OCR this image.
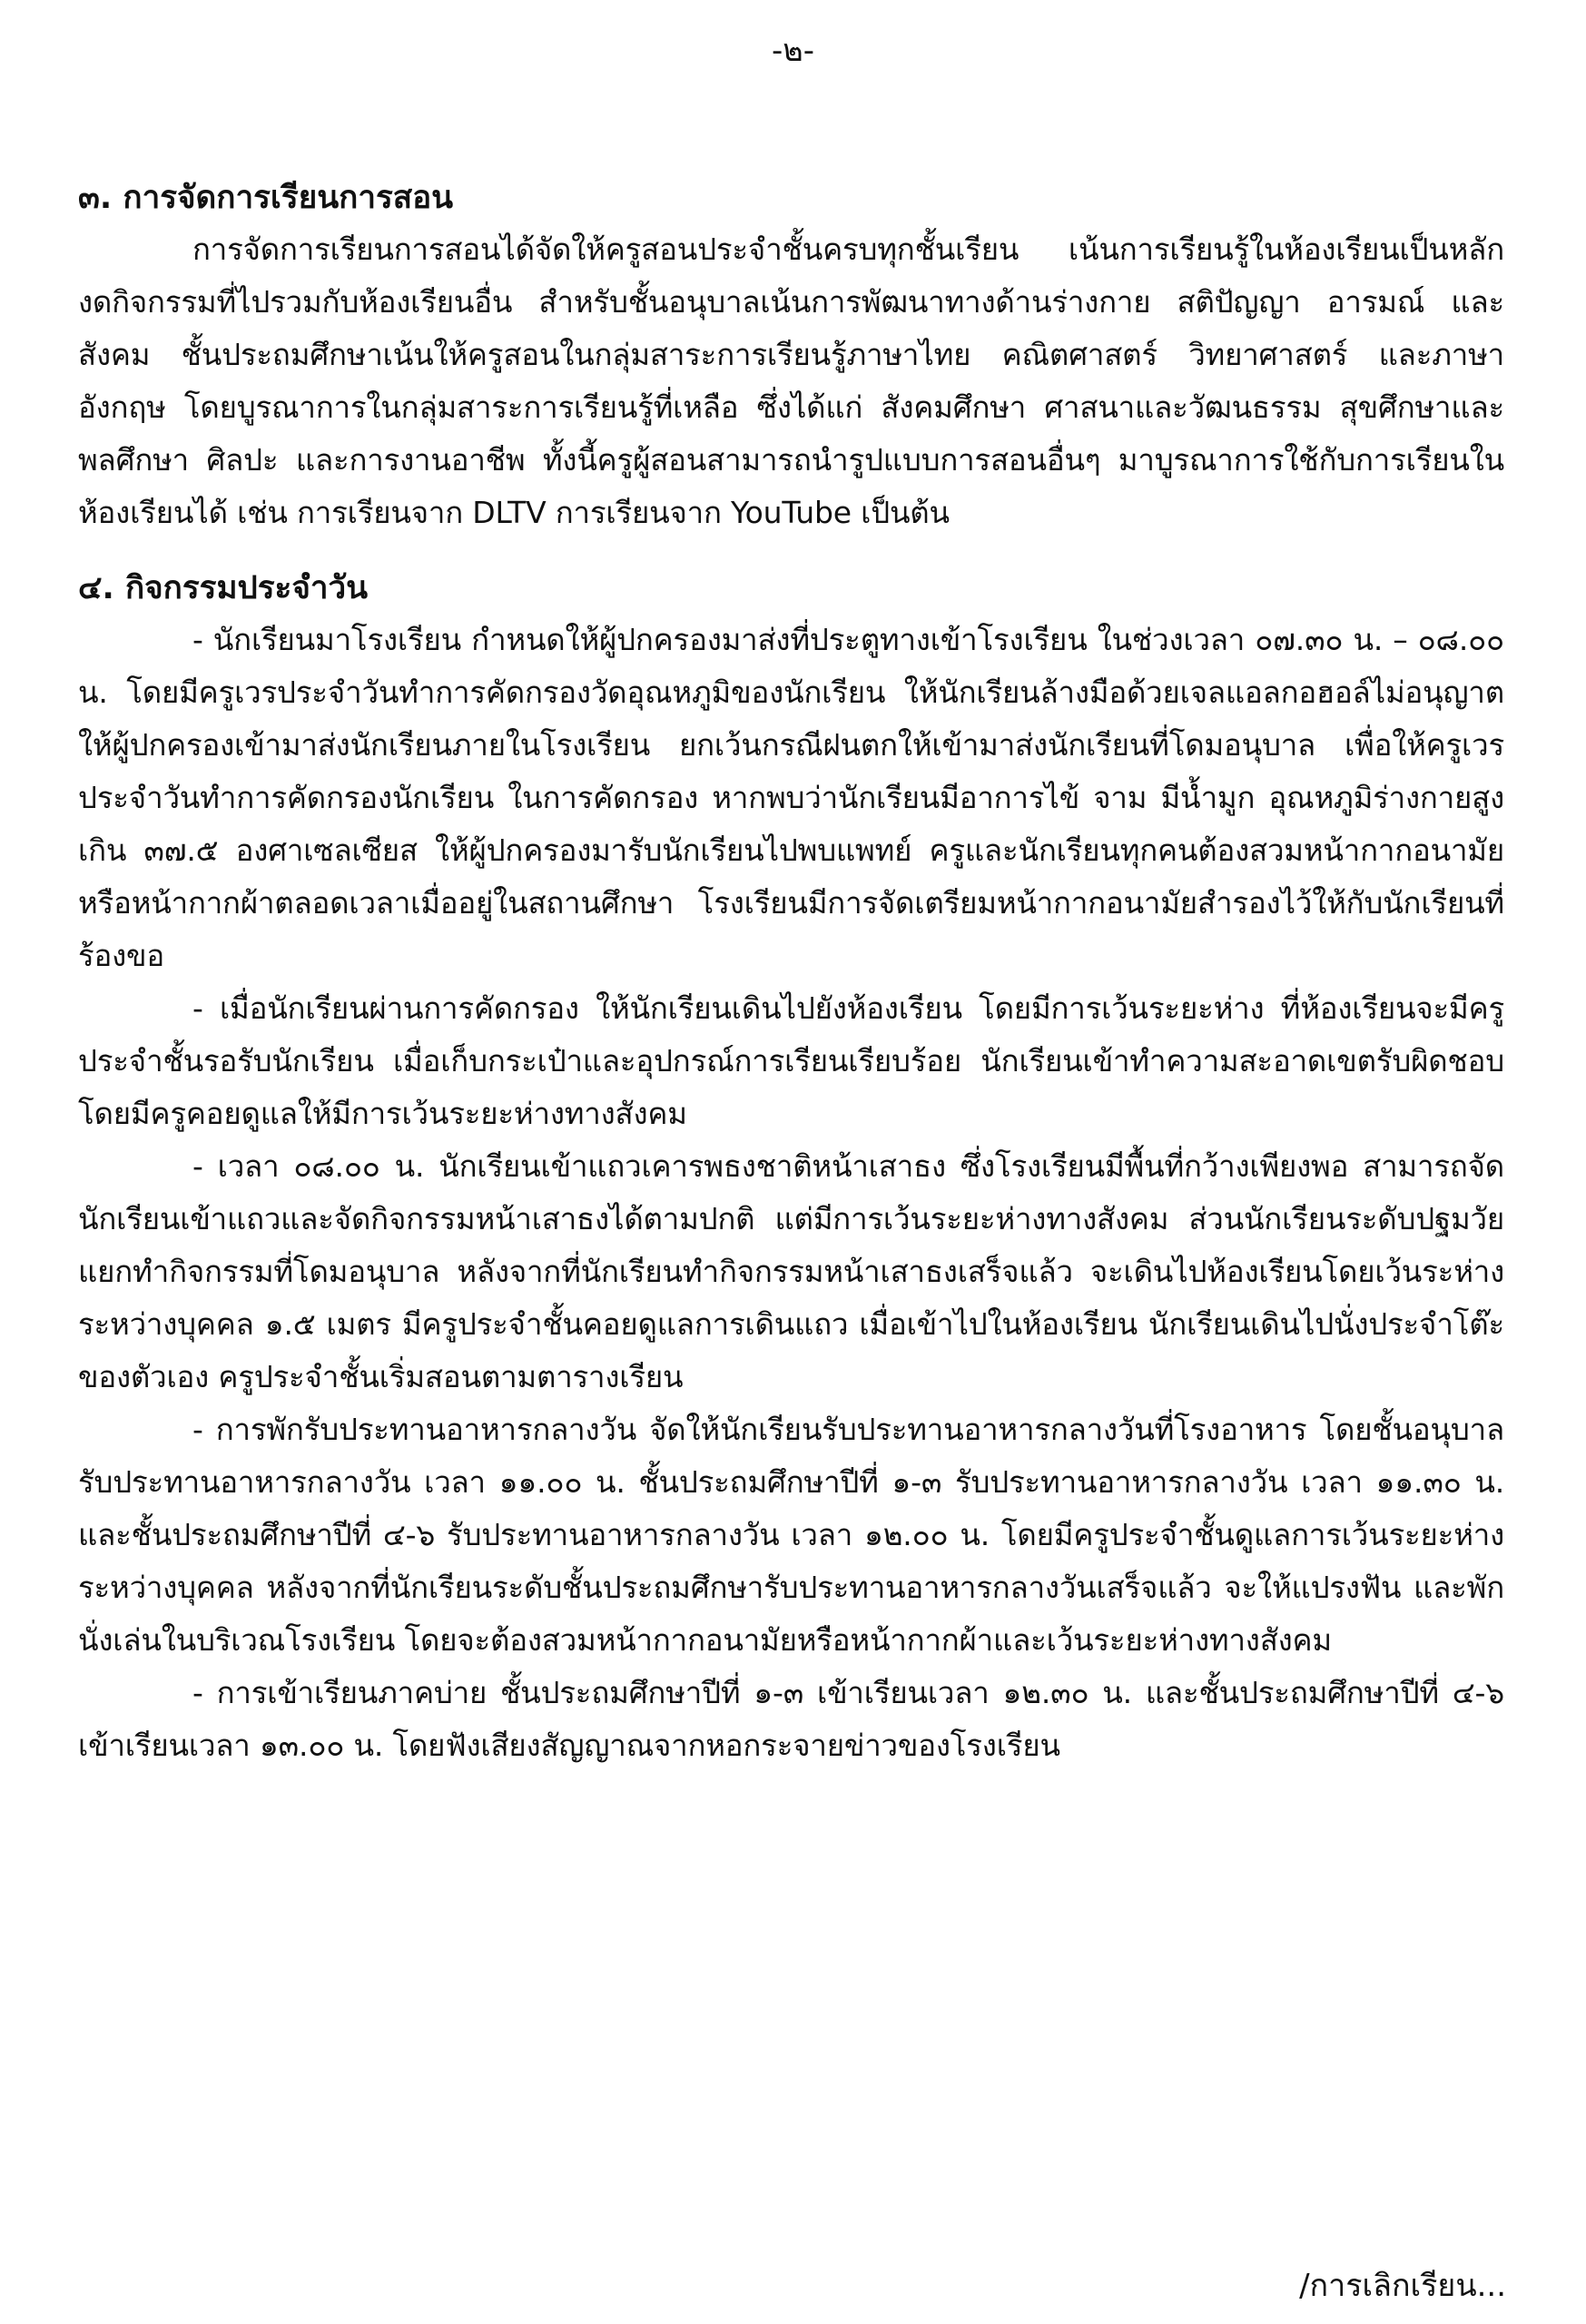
-๒-
๓. การจัดการเรียนการสอน

การจัดการเรียนการสอนได้จัดให้ครูสอนประจำชั้นครบทุกชั้นเรียน เน้นการเรียนรู้ในห้องเรียนเป็นหลัก งดกิจกรรมที่ไปรวมกับห้องเรียนอื่น สำหรับชั้นอนุบาลเน้นการพัฒนาทางด้านร่างกาย สติปัญญา อารมณ์ และสังคม ชั้นประถมศึกษาเน้นให้ครูสอนในกลุ่มสาระการเรียนรู้ภาษาไทย คณิตศาสตร์ วิทยาศาสตร์ และภาษาอังกฤษ โดยบูรณาการในกลุ่มสาระการเรียนรู้ที่เหลือ ซึ่งได้แก่ สังคมศึกษา ศาสนาและวัฒนธรรม สุขศึกษาและพลศึกษา ศิลปะ และการงานอาชีพ ทั้งนี้ครูผู้สอนสามารถนำรูปแบบการสอนอื่นๆ มาบูรณาการใช้กับการเรียนในห้องเรียนได้ เช่น การเรียนจาก DLTV การเรียนจาก YouTube เป็นต้น

๔. กิจกรรมประจำวัน

- นักเรียนมาโรงเรียน กำหนดให้ผู้ปกครองมาส่งที่ประตูทางเข้าโรงเรียน ในช่วงเวลา ๐๗.๓๐ น. – ๐๘.๐๐ น. โดยมีครูเวรประจำวันทำการคัดกรองวัดอุณหภูมิของนักเรียน ให้นักเรียนล้างมือด้วยเจลแอลกอฮอล์ไม่อนุญาตให้ผู้ปกครองเข้ามาส่งนักเรียนภายในโรงเรียน ยกเว้นกรณีฝนตกให้เข้ามาส่งนักเรียนที่โดมอนุบาล เพื่อให้ครูเวรประจำวันทำการคัดกรองนักเรียน ในการคัดกรอง หากพบว่านักเรียนมีอาการไข้ จาม มีน้ำมูก อุณหภูมิร่างกายสูงเกิน ๓๗.๕ องศาเซลเซียส ให้ผู้ปกครองมารับนักเรียนไปพบแพทย์ ครูและนักเรียนทุกคนต้องสวมหน้ากากอนามัยหรือหน้ากากผ้าตลอดเวลาเมื่ออยู่ในสถานศึกษา โรงเรียนมีการจัดเตรียมหน้ากากอนามัยสำรองไว้ให้กับนักเรียนที่ร้องขอ

- เมื่อนักเรียนผ่านการคัดกรอง ให้นักเรียนเดินไปยังห้องเรียน โดยมีการเว้นระยะห่าง ที่ห้องเรียนจะมีครูประจำชั้นรอรับนักเรียน เมื่อเก็บกระเป๋าและอุปกรณ์การเรียนเรียบร้อย นักเรียนเข้าทำความสะอาดเขตรับผิดชอบโดยมีครูคอยดูแลให้มีการเว้นระยะห่างทางสังคม

- เวลา ๐๘.๐๐ น. นักเรียนเข้าแถวเคารพธงชาติหน้าเสาธง ซึ่งโรงเรียนมีพื้นที่กว้างเพียงพอ สามารถจัดนักเรียนเข้าแถวและจัดกิจกรรมหน้าเสาธงได้ตามปกติ แต่มีการเว้นระยะห่างทางสังคม ส่วนนักเรียนระดับปฐมวัยแยกทำกิจกรรมที่โดมอนุบาล หลังจากที่นักเรียนทำกิจกรรมหน้าเสาธงเสร็จแล้ว จะเดินไปห้องเรียนโดยเว้นระห่างระหว่างบุคคล ๑.๕ เมตร มีครูประจำชั้นคอยดูแลการเดินแถว เมื่อเข้าไปในห้องเรียน นักเรียนเดินไปนั่งประจำโต๊ะของตัวเอง ครูประจำชั้นเริ่มสอนตามตารางเรียน

- การพักรับประทานอาหารกลางวัน จัดให้นักเรียนรับประทานอาหารกลางวันที่โรงอาหาร โดยชั้นอนุบาลรับประทานอาหารกลางวัน เวลา ๑๑.๐๐ น. ชั้นประถมศึกษาปีที่ ๑-๓ รับประทานอาหารกลางวัน เวลา ๑๑.๓๐ น. และชั้นประถมศึกษาปีที่ ๔-๖ รับประทานอาหารกลางวัน เวลา ๑๒.๐๐ น. โดยมีครูประจำชั้นดูแลการเว้นระยะห่างระหว่างบุคคล หลังจากที่นักเรียนระดับชั้นประถมศึกษารับประทานอาหารกลางวันเสร็จแล้ว จะให้แปรงฟัน และพักนั่งเล่นในบริเวณโรงเรียน โดยจะต้องสวมหน้ากากอนามัยหรือหน้ากากผ้าและเว้นระยะห่างทางสังคม

- การเข้าเรียนภาคบ่าย ชั้นประถมศึกษาปีที่ ๑-๓ เข้าเรียนเวลา ๑๒.๓๐ น. และชั้นประถมศึกษาปีที่ ๔-๖ เข้าเรียนเวลา ๑๓.๐๐ น. โดยฟังเสียงสัญญาณจากหอกระจายข่าวของโรงเรียน

/การเลิกเรียน...
